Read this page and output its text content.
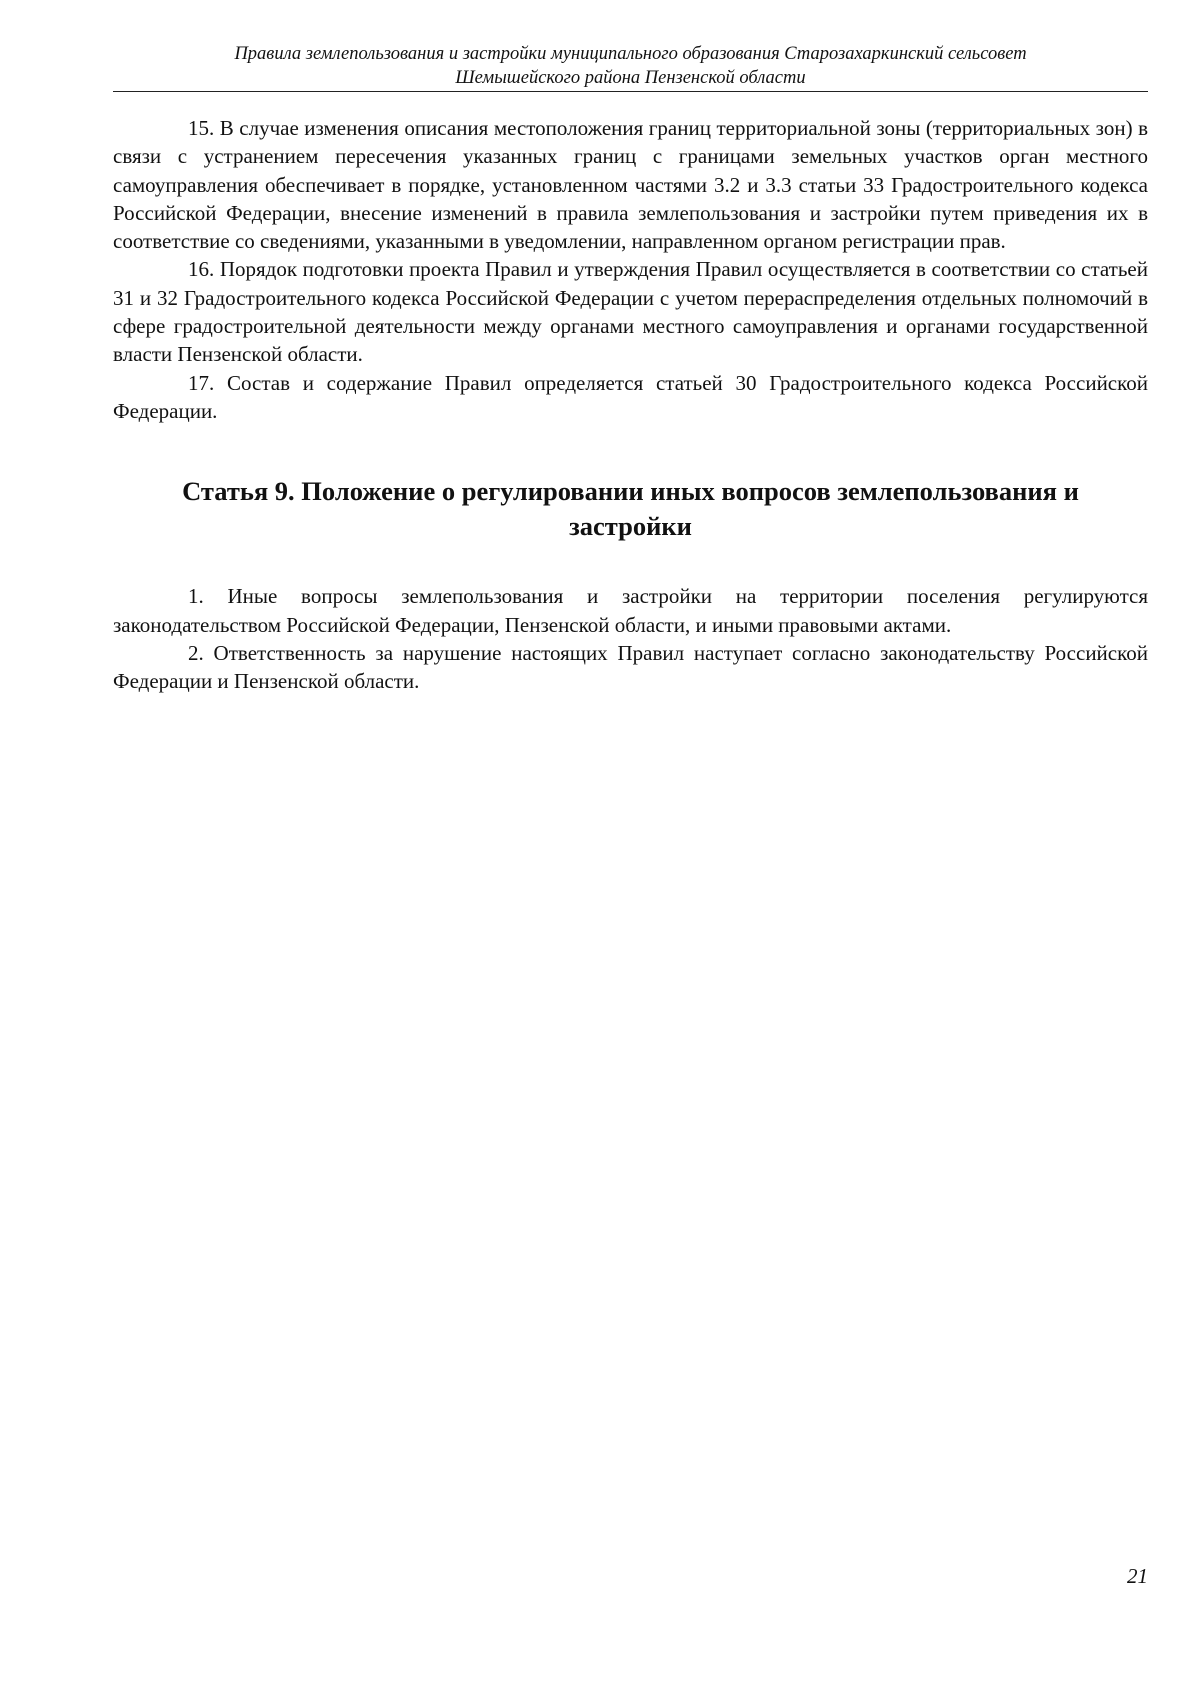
Правила землепользования и застройки муниципального образования Старозахаркинский сельсовет
Шемышейского района Пензенской области

15. В случае изменения описания местоположения границ территориальной зоны (территориальных зон) в связи с устранением пересечения указанных границ с границами земельных участков орган местного самоуправления обеспечивает в порядке, установленном частями 3.2 и 3.3 статьи 33 Градостроительного кодекса Российской Федерации, внесение изменений в правила землепользования и застройки путем приведения их в соответствие со сведениями, указанными в уведомлении, направленном органом регистрации прав.

16. Порядок подготовки проекта Правил и утверждения Правил осуществляется в соответствии со статьей 31 и 32 Градостроительного кодекса Российской Федерации с учетом перераспределения отдельных полномочий в сфере градостроительной деятельности между органами местного самоуправления и органами государственной власти Пензенской области.

17. Состав и содержание Правил определяется статьей 30 Градостроительного кодекса Российской Федерации.

Статья 9. Положение о регулировании иных вопросов землепользования и застройки

1. Иные вопросы землепользования и застройки на территории поселения регулируются законодательством Российской Федерации, Пензенской области, и иными правовыми актами.

2. Ответственность за нарушение настоящих Правил наступает согласно законодательству Российской Федерации и Пензенской области.

21
